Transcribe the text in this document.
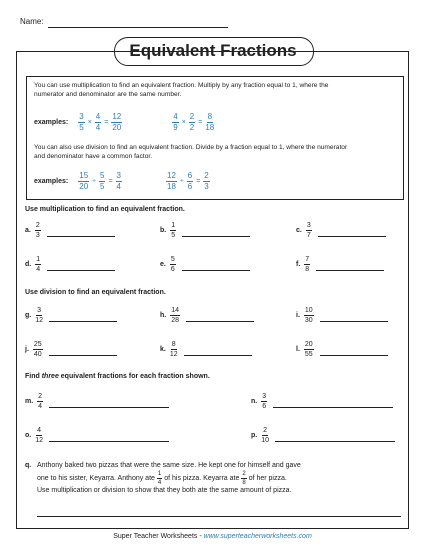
Name:
Equivalent Fractions
You can use multiplication to find an equivalent fraction. Multiply by any fraction equal to 1, where the numerator and denominator are the same number.
examples: $\frac{3}{5} \times \frac{4}{4} = \frac{12}{20}$	$\frac{4}{9} \times \frac{2}{2} = \frac{8}{18}$
You can also use division to find an equivalent fraction. Divide by a fraction equal to 1, where the numerator and denominator have a common factor.
examples: $\frac{15}{20} \div \frac{5}{5} = \frac{3}{4}$	$\frac{12}{18} \div \frac{6}{6} = \frac{2}{3}$
Use multiplication to find an equivalent fraction.
Use division to find an equivalent fraction.
Find three equivalent fractions for each fraction shown.
a. $\frac{2}{3}$	b. $\frac{1}{5}$	c. $\frac{3}{7}$
d. $\frac{1}{4}$	e. $\frac{5}{6}$	f. $\frac{7}{8}$
g. $\frac{3}{12}$	h. $\frac{14}{28}$	i. $\frac{10}{30}$
j. $\frac{25}{40}$	k. $\frac{8}{12}$	l. $\frac{20}{55}$
m. $\frac{2}{4}$	n. $\frac{3}{6}$
o. $\frac{4}{12}$	p. $\frac{2}{10}$
q. Anthony baked two pizzas that were the same size. He kept one for himself and gave
one to his sister, Keyarra. Anthony ate $\frac{1}{4}$ of his pizza. Keyarra ate $\frac{2}{8}$ of her pizza.
Use multiplication or division to show that they both ate the same amount of pizza.
Super Teacher Worksheets - www.superteacherworksheets.com
